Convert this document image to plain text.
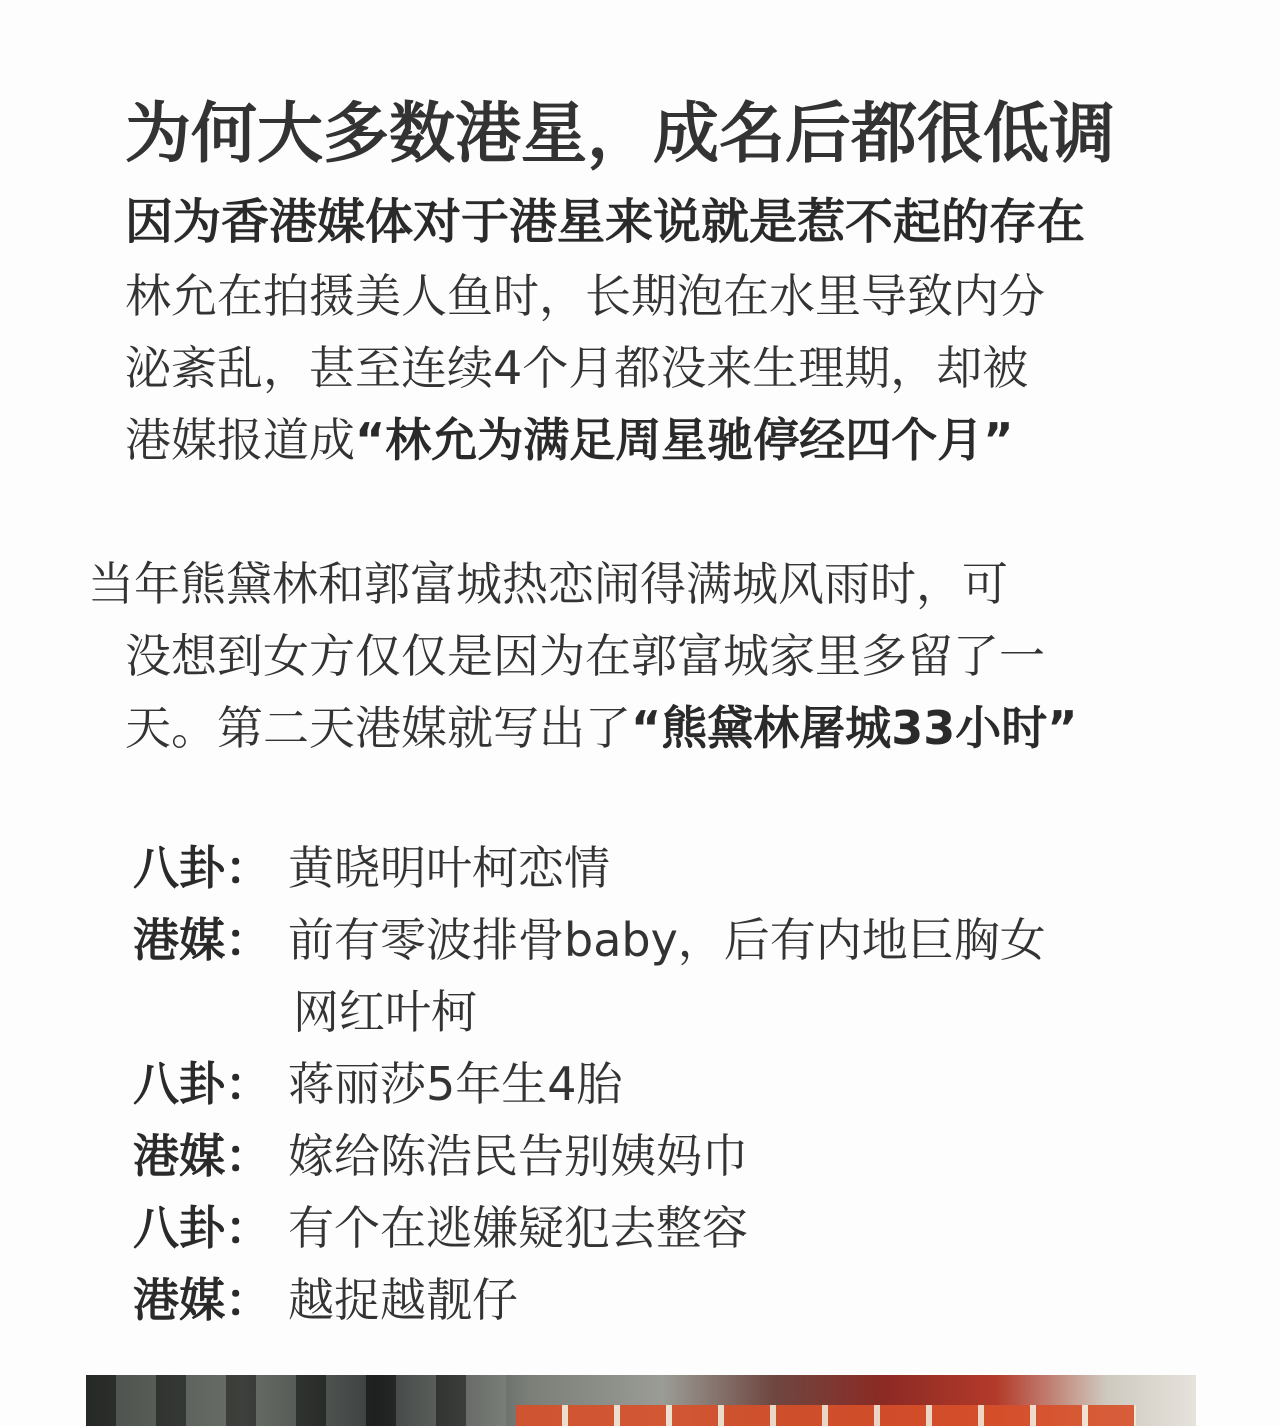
为何大多数港星，成名后都很低调
因为香港媒体对于港星来说就是惹不起的存在
林允在拍摄美人鱼时，长期泡在水里导致内分
泌紊乱，甚至连续4个月都没来生理期，却被
港媒报道成“林允为满足周星驰停经四个月”
当年熊黛林和郭富城热恋闹得满城风雨时，可
没想到女方仅仅是因为在郭富城家里多留了一
天。第二天港媒就写出了“熊黛林屠城33小时”
八卦： 黄晓明叶柯恋情
港媒： 前有零波排骨baby，后有内地巨胸女
网红叶柯
八卦： 蒋丽莎5年生4胎
港媒： 嫁给陈浩民告别姨妈巾
八卦： 有个在逃嫌疑犯去整容
港媒： 越捉越靓仔
